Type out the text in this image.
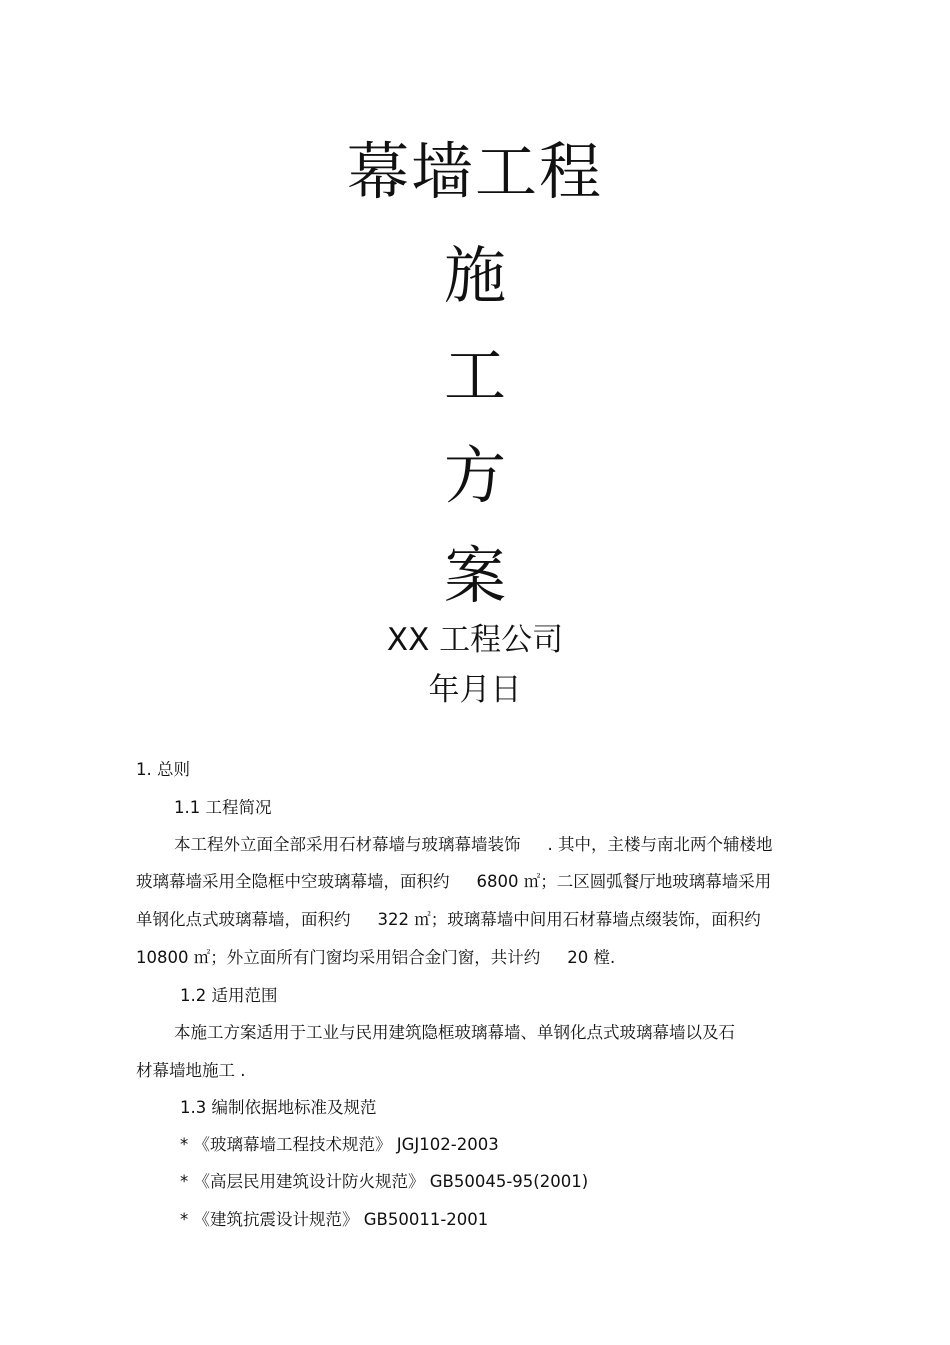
幕墙工程
施
工
方
案
XX 工程公司
年月日
1. 总则
1.1 工程简况
本工程外立面全部采用石材幕墙与玻璃幕墙装饰 　 . 其中，主楼与南北两个辅楼地
玻璃幕墙采用全隐框中空玻璃幕墙，面积约 　 6800 ㎡；二区圆弧餐厅地玻璃幕墙采用
单钢化点式玻璃幕墙，面积约 　 322 ㎡；玻璃幕墙中间用石材幕墙点缀装饰，面积约
10800 ㎡；外立面所有门窗均采用铝合金门窗，共计约 　 20 樘.
1.2 适用范围
本施工方案适用于工业与民用建筑隐框玻璃幕墙、单钢化点式玻璃幕墙以及石
材幕墙地施工 .
1.3 编制依据地标准及规范
* 《玻璃幕墙工程技术规范》 JGJ102-2003
* 《高层民用建筑设计防火规范》 GB50045-95(2001)
* 《建筑抗震设计规范》 GB50011-2001
